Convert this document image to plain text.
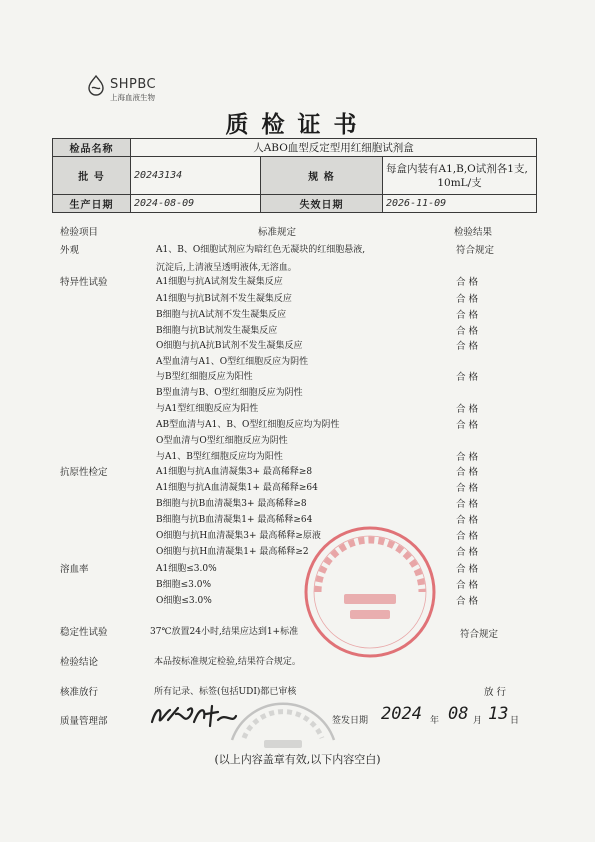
SHPBC
上海血液生物
质检证书
检品名称	人ABO血型反定型用红细胞试剂盒		
批 号	20243134	规 格	每盒内装有A1,B,O试剂各1支,
10mL/支

生产日期	2024-08-09	失效日期	2026-11-09
检验项目	标准规定	检验结果
外观	A1、B、O细胞试剂应为暗红色无凝块的红细胞悬液,	符合规定
沉淀后,上清液呈透明液体,无溶血。
特异性试验	A1细胞与抗A试剂发生凝集反应	合 格
A1细胞与抗B试剂不发生凝集反应	合 格
B细胞与抗A试剂不发生凝集反应	合 格
B细胞与抗B试剂发生凝集反应	合 格
O细胞与抗A抗B试剂不发生凝集反应	合 格
A型血清与A1、O型红细胞反应为阴性
与B型红细胞反应为阳性	合 格
B型血清与B、O型红细胞反应为阴性
与A1型红细胞反应为阳性	合 格
AB型血清与A1、B、O型红细胞反应均为阴性	合 格
O型血清与O型红细胞反应为阴性
与A1、B型红细胞反应均为阳性	合 格
抗原性检定	A1细胞与抗A血清凝集3+ 最高稀释≥8	合 格
A1细胞与抗A血清凝集1+ 最高稀释≥64	合 格
B细胞与抗B血清凝集3+ 最高稀释≥8	合 格
B细胞与抗B血清凝集1+ 最高稀释≥64	合 格
O细胞与抗H血清凝集3+ 最高稀释≥原液	合 格
O细胞与抗H血清凝集1+ 最高稀释≥2	合 格
溶血率	A1细胞≤3.0%	合 格
B细胞≤3.0%	合 格
O细胞≤3.0%	合 格
稳定性试验	37℃放置24小时,结果应达到1+标准	符合规定
检验结论	本品按标准规定检验,结果符合规定。
核准放行	所有记录、标签(包括UDI)都已审核	放 行
质量管理部	签发日期 2024 年 08 月 13 日
(以上内容盖章有效,以下内容空白)
